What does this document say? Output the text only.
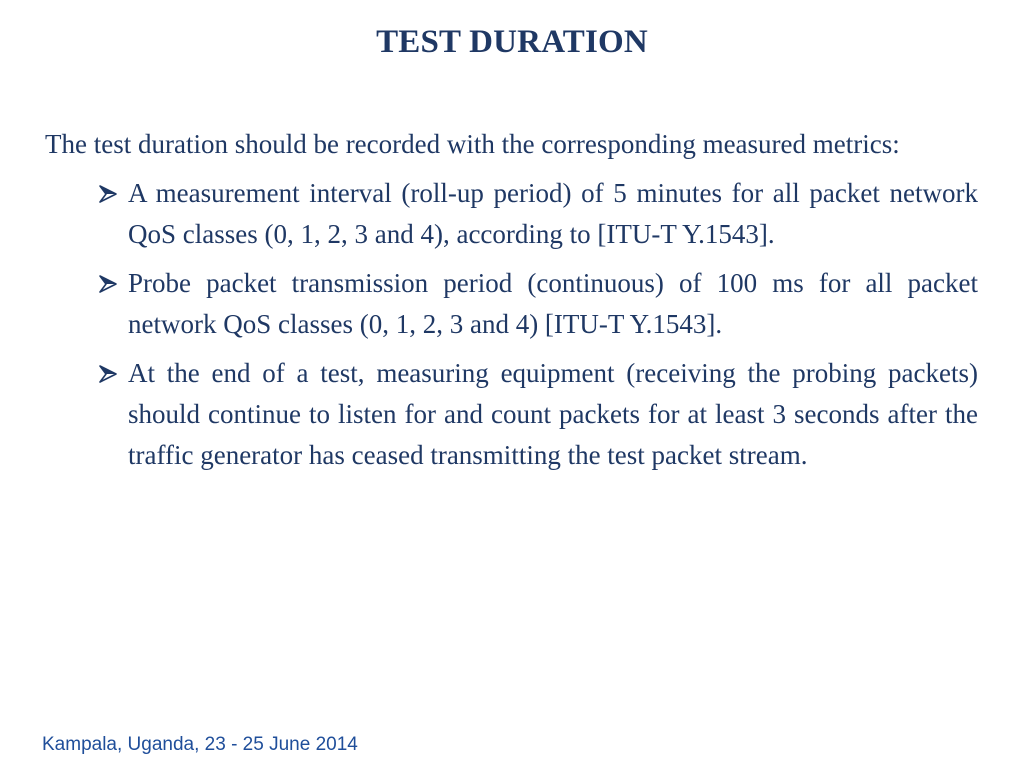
TEST DURATION

The test duration should be recorded with the corresponding measured metrics:

A measurement interval (roll-up period) of 5 minutes for all packet network QoS classes (0, 1, 2, 3 and 4), according to [ITU-T Y.1543].
Probe packet transmission period (continuous) of 100 ms for all packet network QoS classes (0, 1, 2, 3 and 4) [ITU-T Y.1543].
At the end of a test, measuring equipment (receiving the probing packets) should continue to listen for and count packets for at least 3 seconds after the traffic generator has ceased transmitting the test packet stream.
Kampala, Uganda, 23 - 25 June 2014
